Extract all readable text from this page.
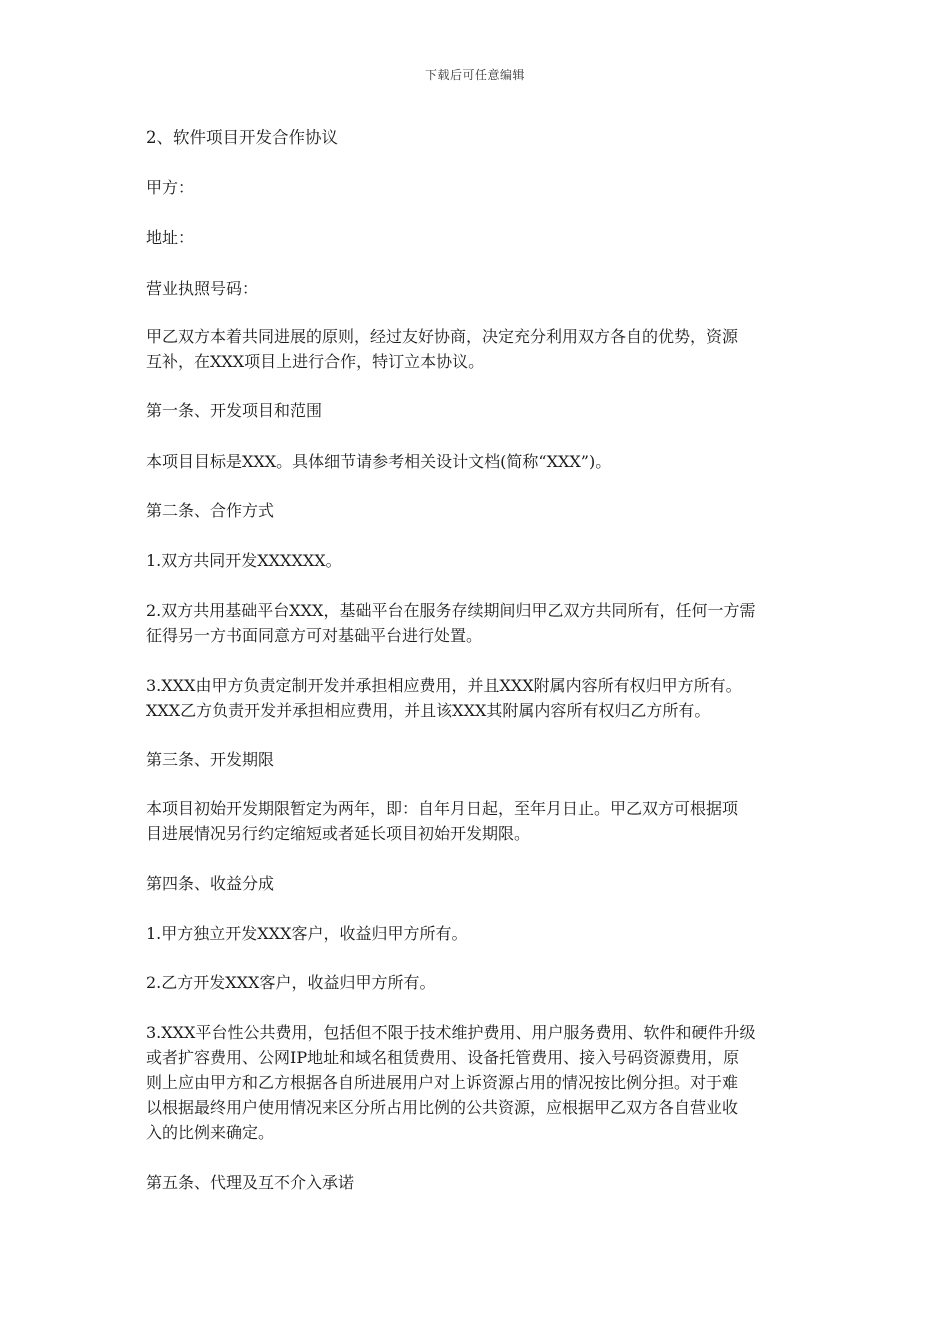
下载后可任意编辑
2、软件项目开发合作协议
甲方：
地址：
营业执照号码：
甲乙双方本着共同进展的原则，经过友好协商，决定充分利用双方各自的优势，资源
互补，在XXX项目上进行合作，特订立本协议。
第一条、开发项目和范围
本项目目标是XXX。具体细节请参考相关设计文档(简称“XXX”)。
第二条、合作方式
1.双方共同开发XXXXXX。
2.双方共用基础平台XXX，基础平台在服务存续期间归甲乙双方共同所有，任何一方需
征得另一方书面同意方可对基础平台进行处置。
3.XXX由甲方负责定制开发并承担相应费用，并且XXX附属内容所有权归甲方所有。
XXX乙方负责开发并承担相应费用，并且该XXX其附属内容所有权归乙方所有。
第三条、开发期限
本项目初始开发期限暂定为两年，即：自年月日起，至年月日止。甲乙双方可根据项
目进展情况另行约定缩短或者延长项目初始开发期限。
第四条、收益分成
1.甲方独立开发XXX客户，收益归甲方所有。
2.乙方开发XXX客户，收益归甲方所有。
3.XXX平台性公共费用，包括但不限于技术维护费用、用户服务费用、软件和硬件升级
或者扩容费用、公网IP地址和域名租赁费用、设备托管费用、接入号码资源费用，原
则上应由甲方和乙方根据各自所进展用户对上诉资源占用的情况按比例分担。对于难
以根据最终用户使用情况来区分所占用比例的公共资源，应根据甲乙双方各自营业收
入的比例来确定。
第五条、代理及互不介入承诺
